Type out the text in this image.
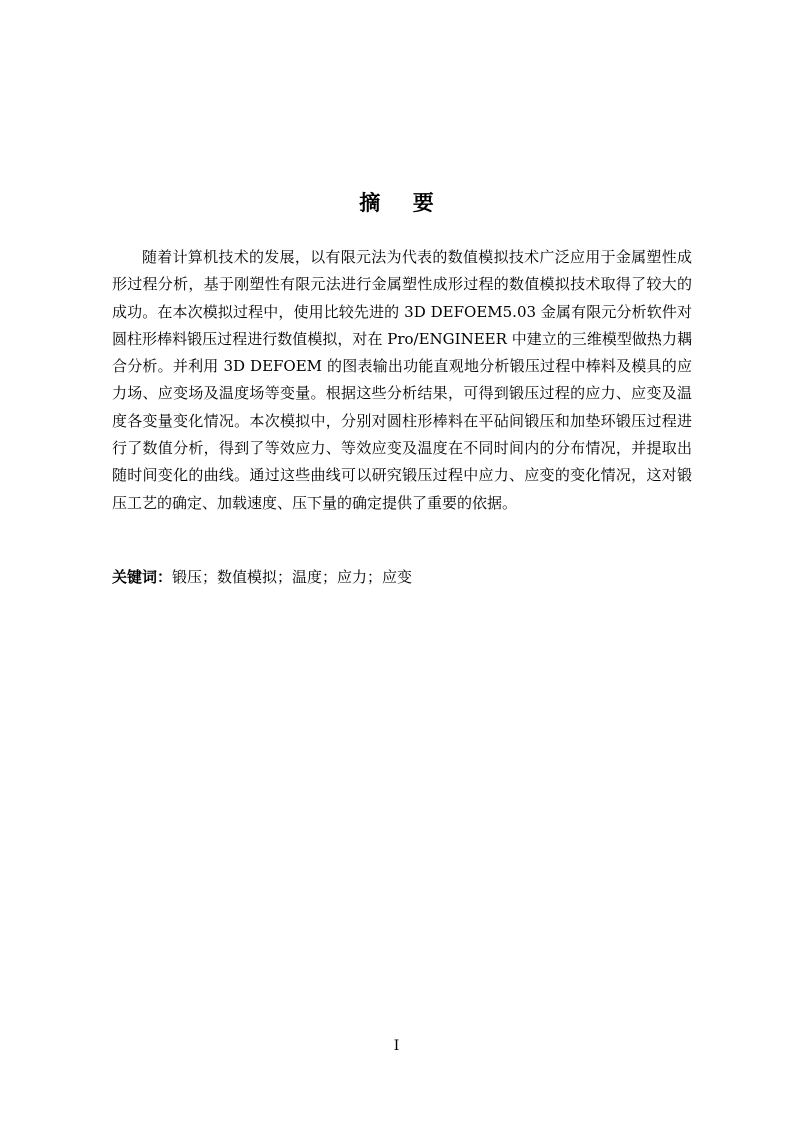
摘 要

随着计算机技术的发展，以有限元法为代表的数值模拟技术广泛应用于金属塑性成形过程分析，基于刚塑性有限元法进行金属塑性成形过程的数值模拟技术取得了较大的成功。在本次模拟过程中，使用比较先进的 3D DEFOEM5.03 金属有限元分析软件对圆柱形棒料锻压过程进行数值模拟，对在 Pro/ENGINEER 中建立的三维模型做热力耦合分析。并利用 3D DEFOEM 的图表输出功能直观地分析锻压过程中棒料及模具的应力场、应变场及温度场等变量。根据这些分析结果，可得到锻压过程的应力、应变及温度各变量变化情况。本次模拟中，分别对圆柱形棒料在平砧间锻压和加垫环锻压过程进行了数值分析，得到了等效应力、等效应变及温度在不同时间内的分布情况，并提取出随时间变化的曲线。通过这些曲线可以研究锻压过程中应力、应变的变化情况，这对锻压工艺的确定、加载速度、压下量的确定提供了重要的依据。

关键词：锻压；数值模拟；温度；应力；应变

I
